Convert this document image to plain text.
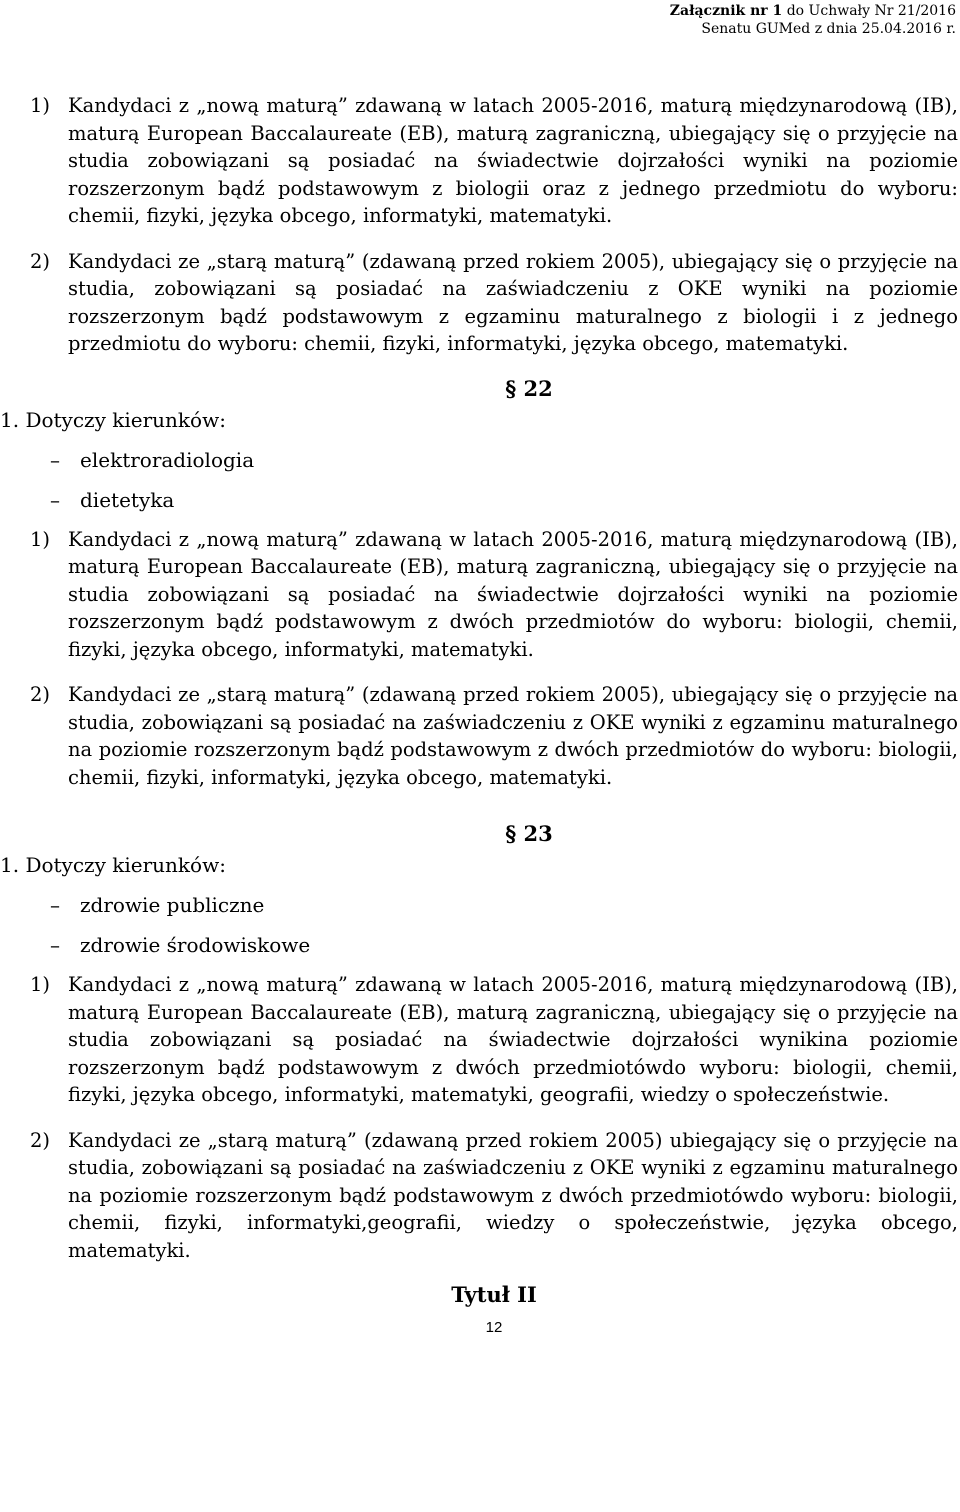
Załącznik nr 1 do Uchwały Nr 21/2016
Senatu GUMed z dnia 25.04.2016 r.
1) Kandydaci z „nową maturą” zdawaną w latach 2005-2016, maturą międzynarodową (IB), maturą European Baccalaureate (EB), maturą zagraniczną, ubiegający się o przyjęcie na studia zobowiązani są posiadać na świadectwie dojrzałości wyniki na poziomie rozszerzonym bądź podstawowym z biologii oraz z jednego przedmiotu do wyboru: chemii, fizyki, języka obcego, informatyki, matematyki.
2) Kandydaci ze „starą maturą” (zdawaną przed rokiem 2005), ubiegający się o przyjęcie na studia, zobowiązani są posiadać na zaświadczeniu z OKE wyniki na poziomie rozszerzonym bądź podstawowym z egzaminu maturalnego z biologii i z jednego przedmiotu do wyboru: chemii, fizyki, informatyki, języka obcego, matematyki.
§ 22
1. Dotyczy kierunków:
–	elektroradiologia
–	dietetyka
1) Kandydaci z „nową maturą” zdawaną w latach 2005-2016, maturą międzynarodową (IB), maturą European Baccalaureate (EB), maturą zagraniczną, ubiegający się o przyjęcie na studia zobowiązani są posiadać na świadectwie dojrzałości wyniki na poziomie rozszerzonym bądź podstawowym z dwóch przedmiotów do wyboru: biologii, chemii, fizyki, języka obcego, informatyki, matematyki.
2) Kandydaci ze „starą maturą” (zdawaną przed rokiem 2005), ubiegający się o przyjęcie na studia, zobowiązani są posiadać na zaświadczeniu z OKE wyniki z egzaminu maturalnego na poziomie rozszerzonym bądź podstawowym z dwóch przedmiotów do wyboru: biologii, chemii, fizyki, informatyki, języka obcego, matematyki.
§ 23
1. Dotyczy kierunków:
–	zdrowie publiczne
–	zdrowie środowiskowe
1) Kandydaci z „nową maturą” zdawaną w latach 2005-2016, maturą międzynarodową (IB), maturą European Baccalaureate (EB), maturą zagraniczną, ubiegający się o przyjęcie na studia zobowiązani są posiadać na świadectwie dojrzałości wynikina poziomie rozszerzonym bądź podstawowym z dwóch przedmiotówdo wyboru: biologii, chemii, fizyki, języka obcego, informatyki, matematyki, geografii, wiedzy o społeczeństwie.
2) Kandydaci ze „starą maturą” (zdawaną przed rokiem 2005) ubiegający się o przyjęcie na studia, zobowiązani są posiadać na zaświadczeniu z OKE wyniki z egzaminu maturalnego na poziomie rozszerzonym bądź podstawowym z dwóch przedmiotówdo wyboru: biologii, chemii, fizyki, informatyki,geografii, wiedzy o społeczeństwie, języka obcego, matematyki.
Tytuł II
12
